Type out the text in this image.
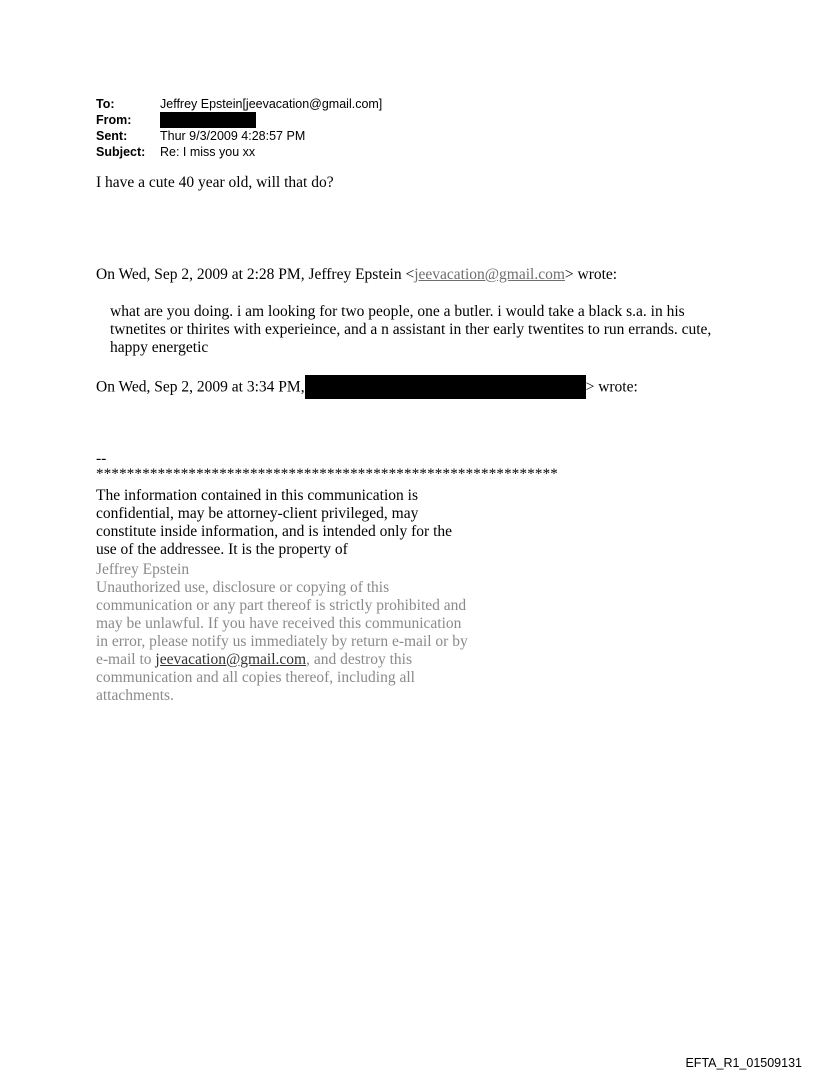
To:	Jeffrey Epstein[jeevacation@gmail.com]
From:
Sent:	Thur 9/3/2009 4:28:57 PM
Subject:	Re: I miss you xx
I have a cute 40 year old, will that do?
On Wed, Sep 2, 2009 at 2:28 PM, Jeffrey Epstein <jeevacation@gmail.com> wrote:
what are you doing. i am looking for two people, one a butler. i would take a black s.a. in his twnetites or thirites with experieince, and a n assistant in ther early twentites to run errands. cute, happy energetic
On Wed, Sep 2, 2009 at 3:34 PM,	> wrote:
--
************************************************************
The information contained in this communication is confidential, may be attorney-client privileged, may constitute inside information, and is intended only for the use of the addressee. It is the property of
Jeffrey Epstein
Unauthorized use, disclosure or copying of this communication or any part thereof is strictly prohibited and may be unlawful. If you have received this communication in error, please notify us immediately by return e-mail or by e-mail to jeevacation@gmail.com, and destroy this communication and all copies thereof, including all attachments.
EFTA_R1_01509131
